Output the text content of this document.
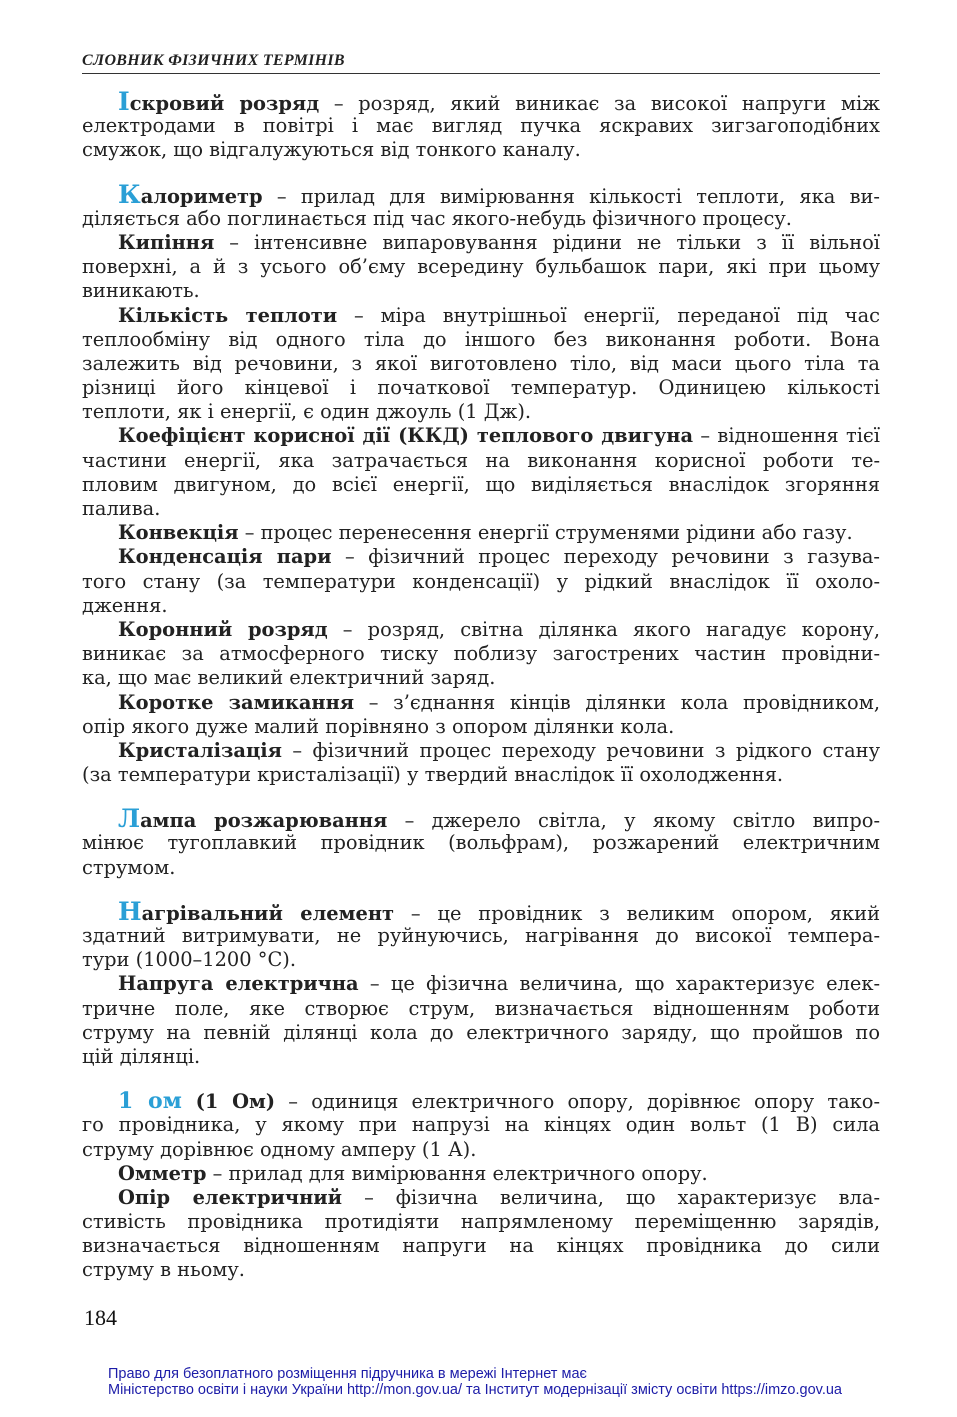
СЛОВНИК ФІЗИЧНИХ ТЕРМІНІВ
Іскровий розряд – розряд, який виникає за високої напруги між
електродами в повітрі і має вигляд пучка яскравих зигзагоподібних
смужок, що відгалужуються від тонкого каналу.
Калориметр – прилад для вимірювання кількості теплоти, яка ви-
діляється або поглинається під час якого-небудь фізичного процесу.
Кипіння – інтенсивне випаровування рідини не тільки з її вільної
поверхні, а й з усього об’єму всередину бульбашок пари, які при цьому
виникають.
Кількість теплоти – міра внутрішньої енергії, переданої під час
теплообміну від одного тіла до іншого без виконання роботи. Вона
залежить від речовини, з якої виготовлено тіло, від маси цього тіла та
різниці його кінцевої і початкової температур. Одиницею кількості
теплоти, як і енергії, є один джоуль (1 Дж).
Коефіцієнт корисної дії (ККД) теплового двигуна – відношення тієї
частини енергії, яка затрачається на виконання корисної роботи те-
пловим двигуном, до всієї енергії, що виділяється внаслідок згоряння
палива.
Конвекція – процес перенесення енергії струменями рідини або газу.
Конденсація пари – фізичний процес переходу речовини з газува-
того стану (за температури конденсації) у рідкий внаслідок її охоло-
дження.
Коронний розряд – розряд, світна ділянка якого нагадує корону,
виникає за атмосферного тиску поблизу загострених частин провідни-
ка, що має великий електричний заряд.
Коротке замикання – з’єднання кінців ділянки кола провідником,
опір якого дуже малий порівняно з опором ділянки кола.
Кристалізація – фізичний процес переходу речовини з рідкого стану
(за температури кристалізації) у твердий внаслідок її охолодження.
Лампа розжарювання – джерело світла, у якому світло випро-
мінює тугоплавкий провідник (вольфрам), розжарений електричним
струмом.
Нагрівальний елемент – це провідник з великим опором, який
здатний витримувати, не руйнуючись, нагрівання до високої темпера-
тури (1000–1200 °С).
Напруга електрична – це фізична величина, що характеризує елек-
тричне поле, яке створює струм, визначається відношенням роботи
струму на певній ділянці кола до електричного заряду, що пройшов по
цій ділянці.
1 ом (1 Ом) – одиниця електричного опору, дорівнює опору тако-
го провідника, у якому при напрузі на кінцях один вольт (1 В) сила
струму дорівнює одному амперу (1 А).
Омметр – прилад для вимірювання електричного опору.
Опір електричний – фізична величина, що характеризує вла-
стивість провідника протидіяти напрямленому переміщенню зарядів,
визначається відношенням напруги на кінцях провідника до сили
струму в ньому.
184
Право для безоплатного розміщення підручника в мережі Інтернет має
Міністерство освіти і науки України http://mon.gov.ua/ та Інститут модернізації змісту освіти https://imzo.gov.ua
